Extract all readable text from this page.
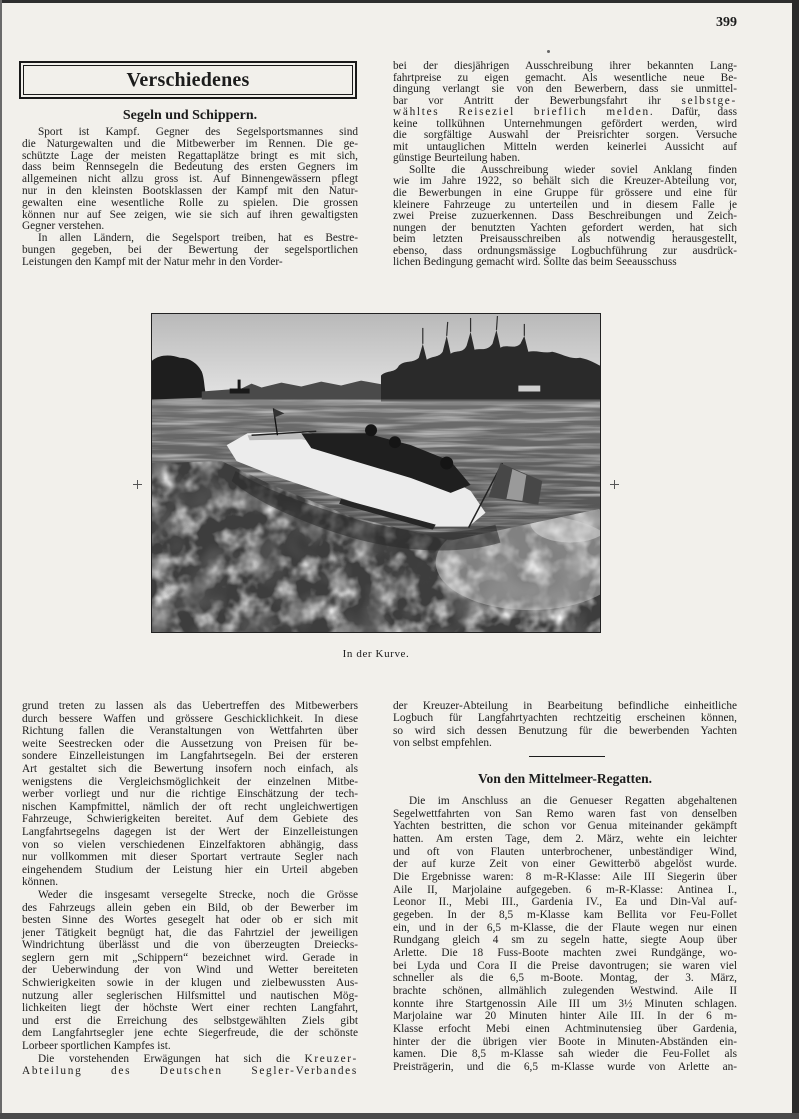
399
Verschiedenes
Segeln und Schippern.
Sport ist Kampf. Gegner des Segelsportsmannes sind
die Naturgewalten und die Mitbewerber im Rennen. Die ge-
schützte Lage der meisten Regattaplätze bringt es mit sich,
dass beim Rennsegeln die Bedeutung des ersten Gegners im
allgemeinen nicht allzu gross ist. Auf Binnengewässern pflegt
nur in den kleinsten Bootsklassen der Kampf mit den Natur-
gewalten eine wesentliche Rolle zu spielen. Die grossen
können nur auf See zeigen, wie sie sich auf ihren gewaltigsten
Gegner verstehen.
In allen Ländern, die Segelsport treiben, hat es Bestre-
bungen gegeben, bei der Bewertung der segelsportlichen
Leistungen den Kampf mit der Natur mehr in den Vorder-
bei der diesjährigen Ausschreibung ihrer bekannten Lang-
fahrtpreise zu eigen gemacht. Als wesentliche neue Be-
dingung verlangt sie von den Bewerbern, dass sie unmittel-
bar vor Antritt der Bewerbungsfahrt ihr selbstge-
wähltes Reiseziel brieflich melden. Dafür, dass
keine tollkühnen Unternehmungen gefördert werden, wird
die sorgfältige Auswahl der Preisrichter sorgen. Versuche
mit untauglichen Mitteln werden keinerlei Aussicht auf
günstige Beurteilung haben.
Sollte die Ausschreibung wieder soviel Anklang finden
wie im Jahre 1922, so behält sich die Kreuzer-Abteilung vor,
die Bewerbungen in eine Gruppe für grössere und eine für
kleinere Fahrzeuge zu unterteilen und in diesem Falle je
zwei Preise zuzuerkennen. Dass Beschreibungen und Zeich-
nungen der benutzten Yachten gefordert werden, hat sich
beim letzten Preisausschreiben als notwendig herausgestellt,
ebenso, dass ordnungsmässige Logbuchführung zur ausdrück-
lichen Bedingung gemacht wird. Sollte das beim Seeausschuss
In der Kurve.
grund treten zu lassen als das Uebertreffen des Mitbewerbers
durch bessere Waffen und grössere Geschicklichkeit. In diese
Richtung fallen die Veranstaltungen von Wettfahrten über
weite Seestrecken oder die Aussetzung von Preisen für be-
sondere Einzelleistungen im Langfahrtsegeln. Bei der ersteren
Art gestaltet sich die Bewertung insofern noch einfach, als
wenigstens die Vergleichsmöglichkeit der einzelnen Mitbe-
werber vorliegt und nur die richtige Einschätzung der tech-
nischen Kampfmittel, nämlich der oft recht ungleichwertigen
Fahrzeuge, Schwierigkeiten bereitet. Auf dem Gebiete des
Langfahrtsegelns dagegen ist der Wert der Einzelleistungen
von so vielen verschiedenen Einzelfaktoren abhängig, dass
nur vollkommen mit dieser Sportart vertraute Segler nach
eingehendem Studium der Leistung hier ein Urteil abgeben
können.
Weder die insgesamt versegelte Strecke, noch die Grösse
des Fahrzeugs allein geben ein Bild, ob der Bewerber im
besten Sinne des Wortes gesegelt hat oder ob er sich mit
jener Tätigkeit begnügt hat, die das Fahrtziel der jeweiligen
Windrichtung überlässt und die von überzeugten Dreiecks-
seglern gern mit „Schippern“ bezeichnet wird. Gerade in
der Ueberwindung der von Wind und Wetter bereiteten
Schwierigkeiten sowie in der klugen und zielbewussten Aus-
nutzung aller seglerischen Hilfsmittel und nautischen Mög-
lichkeiten liegt der höchste Wert einer rechten Langfahrt,
und erst die Erreichung des selbstgewählten Ziels gibt
dem Langfahrtsegler jene echte Siegerfreude, die der schönste
Lorbeer sportlichen Kampfes ist.
Die vorstehenden Erwägungen hat sich die Kreuzer-
Abteilung des Deutschen Segler-Verbandes
der Kreuzer-Abteilung in Bearbeitung befindliche einheitliche
Logbuch für Langfahrtyachten rechtzeitig erscheinen können,
so wird sich dessen Benutzung für die bewerbenden Yachten
von selbst empfehlen.
Von den Mittelmeer-Regatten.
Die im Anschluss an die Genueser Regatten abgehaltenen
Segelwettfahrten von San Remo waren fast von denselben
Yachten bestritten, die schon vor Genua miteinander gekämpft
hatten. Am ersten Tage, dem 2. März, wehte ein leichter
und oft von Flauten unterbrochener, unbeständiger Wind,
der auf kurze Zeit von einer Gewitterbö abgelöst wurde.
Die Ergebnisse waren: 8 m-R-Klasse: Aile III Siegerin über
Aile II, Marjolaine aufgegeben. 6 m-R-Klasse: Antinea I.,
Leonor II., Mebi III., Gardenia IV., Ea und Din-Val auf-
gegeben. In der 8,5 m-Klasse kam Bellita vor Feu-Follet
ein, und in der 6,5 m-Klasse, die der Flaute wegen nur einen
Rundgang gleich 4 sm zu segeln hatte, siegte Aoup über
Arlette. Die 18 Fuss-Boote machten zwei Rundgänge, wo-
bei Lyda und Cora II die Preise davontrugen; sie waren viel
schneller als die 6,5 m-Boote. Montag, der 3. März,
brachte schönen, allmählich zulegenden Westwind. Aile II
konnte ihre Startgenossin Aile III um 3½ Minuten schlagen.
Marjolaine war 20 Minuten hinter Aile III. In der 6 m-
Klasse erfocht Mebi einen Achtminutensieg über Gardenia,
hinter der die übrigen vier Boote in Minuten-Abständen ein-
kamen. Die 8,5 m-Klasse sah wieder die Feu-Follet als
Preisträgerin, und die 6,5 m-Klasse wurde von Arlette an-
